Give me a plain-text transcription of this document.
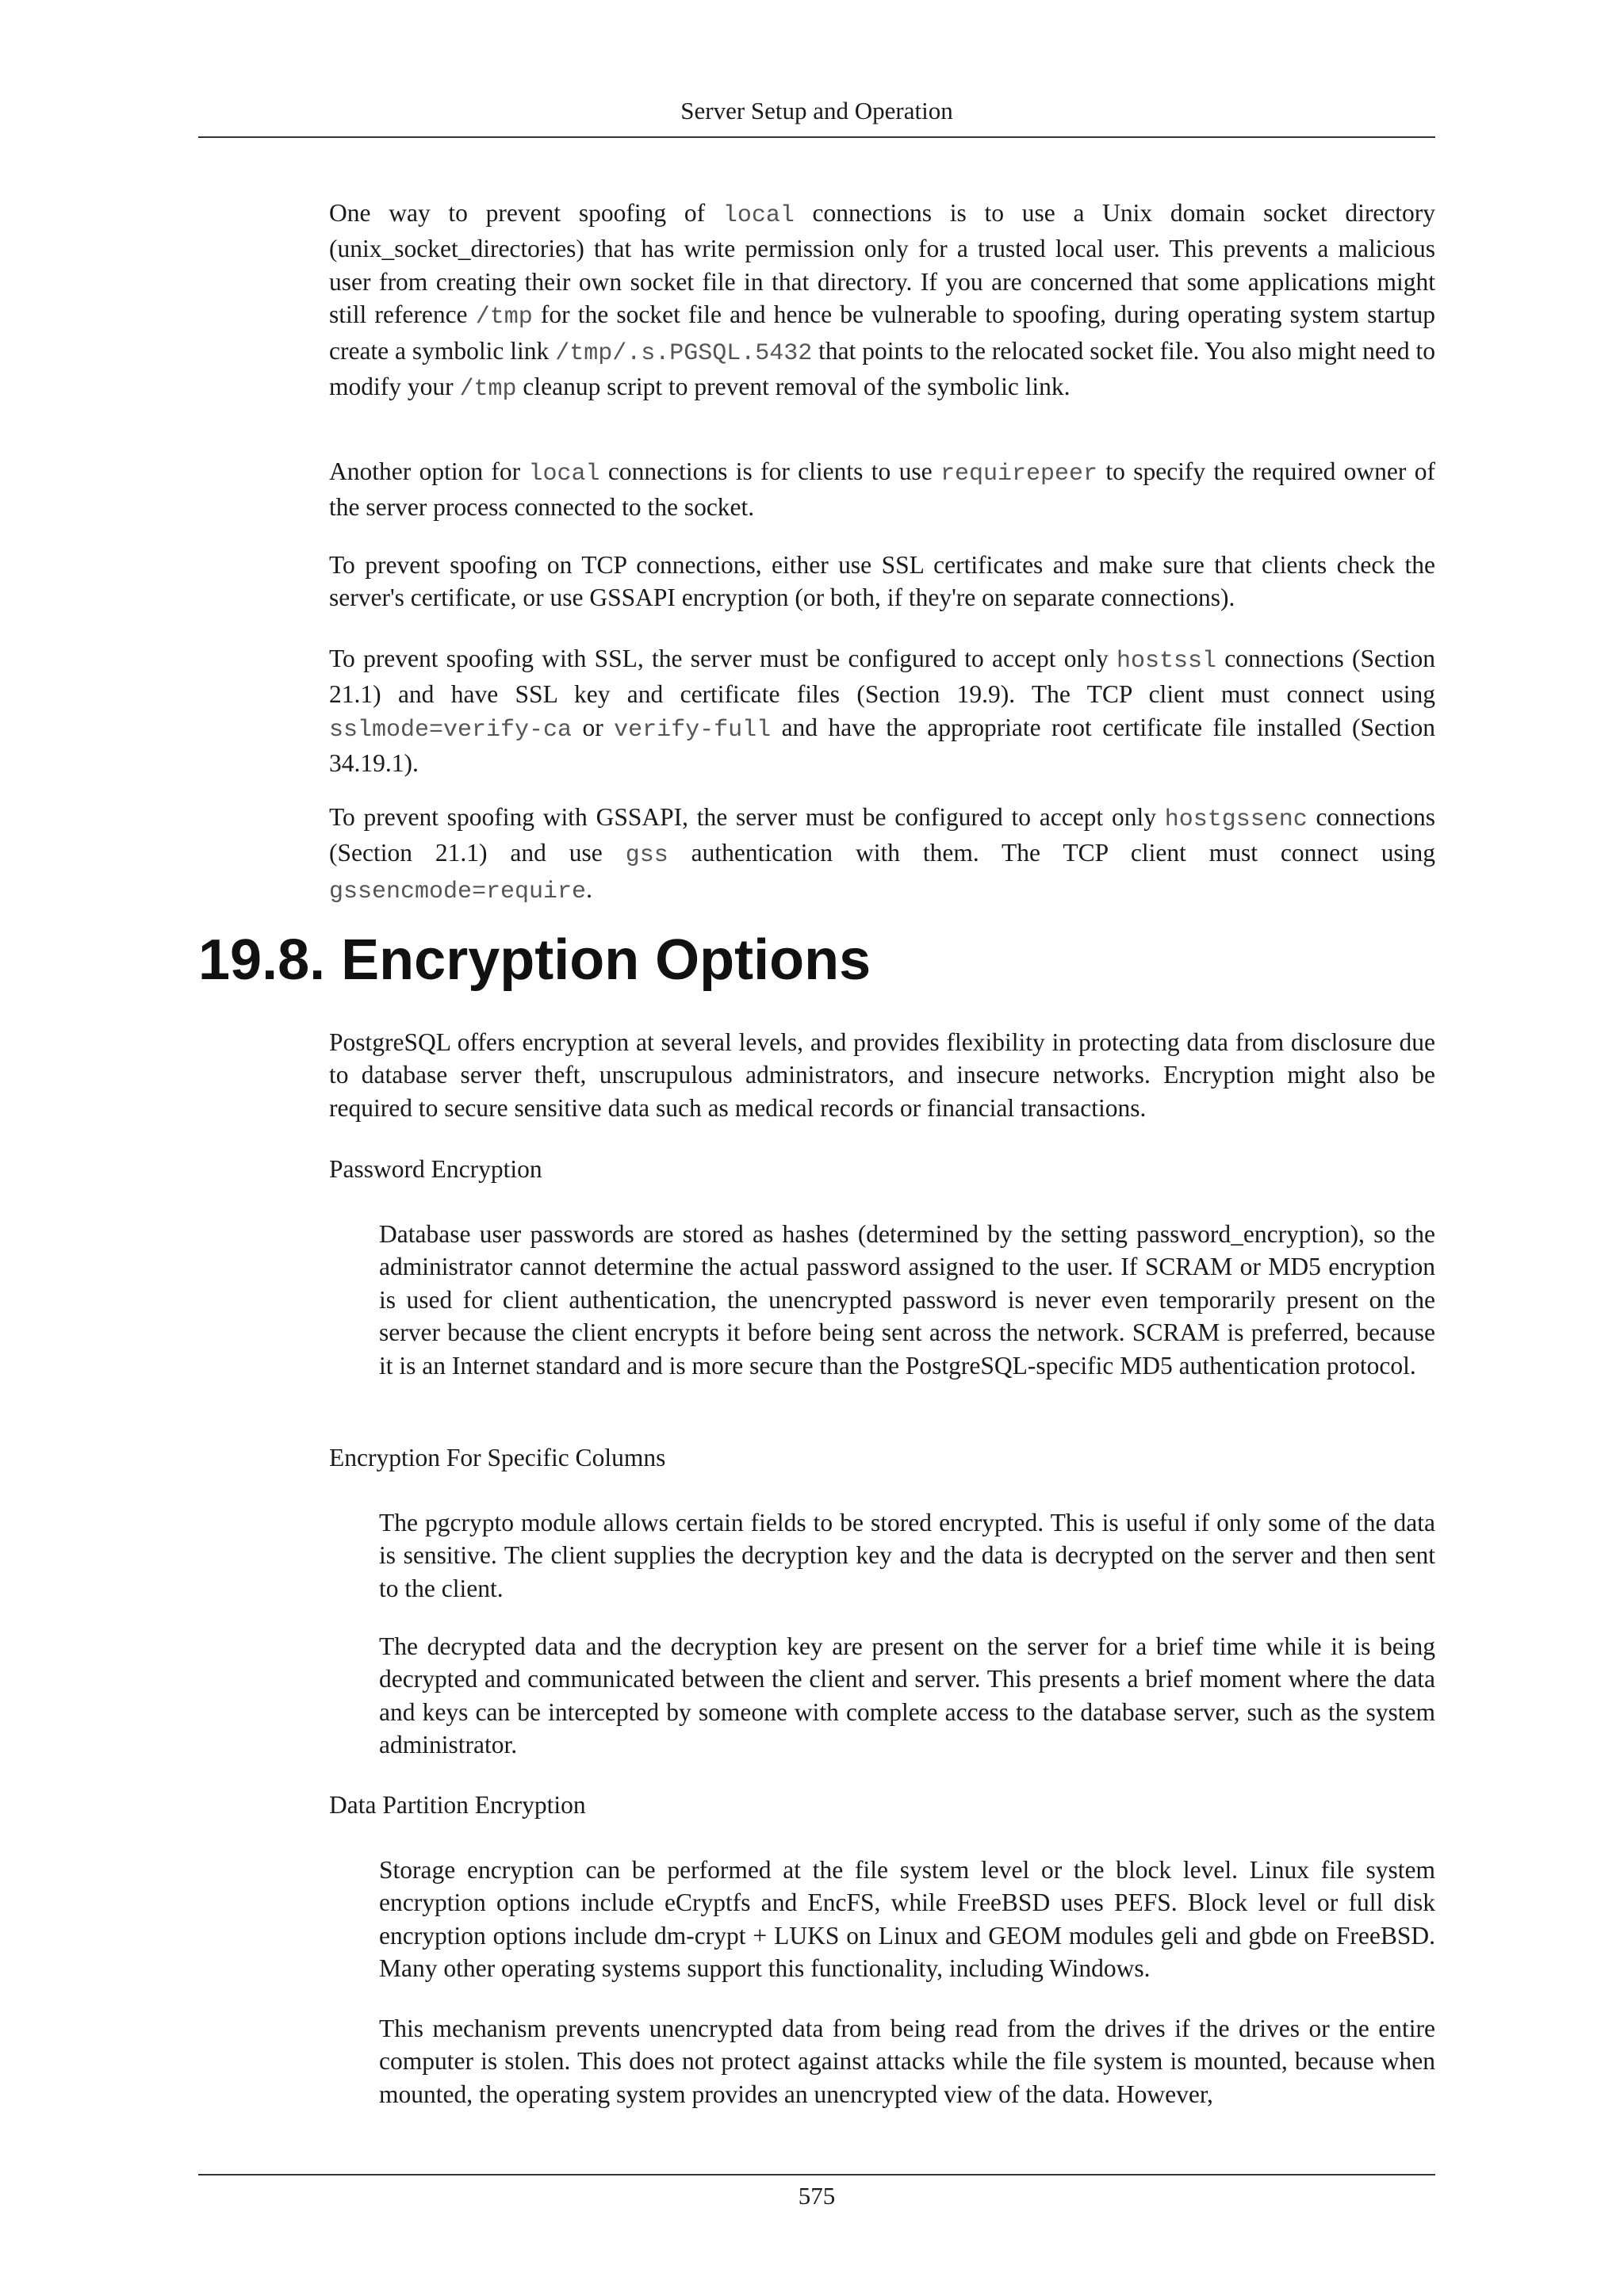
Server Setup and Operation

One way to prevent spoofing of local connections is to use a Unix domain socket directory (unix_socket_directories) that has write permission only for a trusted local user. This prevents a malicious user from creating their own socket file in that directory. If you are concerned that some applications might still reference /tmp for the socket file and hence be vulnerable to spoofing, during operating system startup create a symbolic link /tmp/.s.PGSQL.5432 that points to the relocated socket file. You also might need to modify your /tmp cleanup script to prevent removal of the symbolic link.

Another option for local connections is for clients to use requirepeer to specify the required owner of the server process connected to the socket.

To prevent spoofing on TCP connections, either use SSL certificates and make sure that clients check the server's certificate, or use GSSAPI encryption (or both, if they're on separate connections).

To prevent spoofing with SSL, the server must be configured to accept only hostssl connections (Section 21.1) and have SSL key and certificate files (Section 19.9). The TCP client must connect using sslmode=verify-ca or verify-full and have the appropriate root certificate file installed (Section 34.19.1).

To prevent spoofing with GSSAPI, the server must be configured to accept only hostgssenc connections (Section 21.1) and use gss authentication with them. The TCP client must connect using gssencmode=require.

19.8. Encryption Options

PostgreSQL offers encryption at several levels, and provides flexibility in protecting data from disclosure due to database server theft, unscrupulous administrators, and insecure networks. Encryption might also be required to secure sensitive data such as medical records or financial transactions.

Password Encryption

Database user passwords are stored as hashes (determined by the setting password_encryption), so the administrator cannot determine the actual password assigned to the user. If SCRAM or MD5 encryption is used for client authentication, the unencrypted password is never even temporarily present on the server because the client encrypts it before being sent across the network. SCRAM is preferred, because it is an Internet standard and is more secure than the PostgreSQL-specific MD5 authentication protocol.

Encryption For Specific Columns

The pgcrypto module allows certain fields to be stored encrypted. This is useful if only some of the data is sensitive. The client supplies the decryption key and the data is decrypted on the server and then sent to the client.

The decrypted data and the decryption key are present on the server for a brief time while it is being decrypted and communicated between the client and server. This presents a brief moment where the data and keys can be intercepted by someone with complete access to the database server, such as the system administrator.

Data Partition Encryption

Storage encryption can be performed at the file system level or the block level. Linux file system encryption options include eCryptfs and EncFS, while FreeBSD uses PEFS. Block level or full disk encryption options include dm-crypt + LUKS on Linux and GEOM modules geli and gbde on FreeBSD. Many other operating systems support this functionality, including Windows.

This mechanism prevents unencrypted data from being read from the drives if the drives or the entire computer is stolen. This does not protect against attacks while the file system is mounted, because when mounted, the operating system provides an unencrypted view of the data. However,

575
